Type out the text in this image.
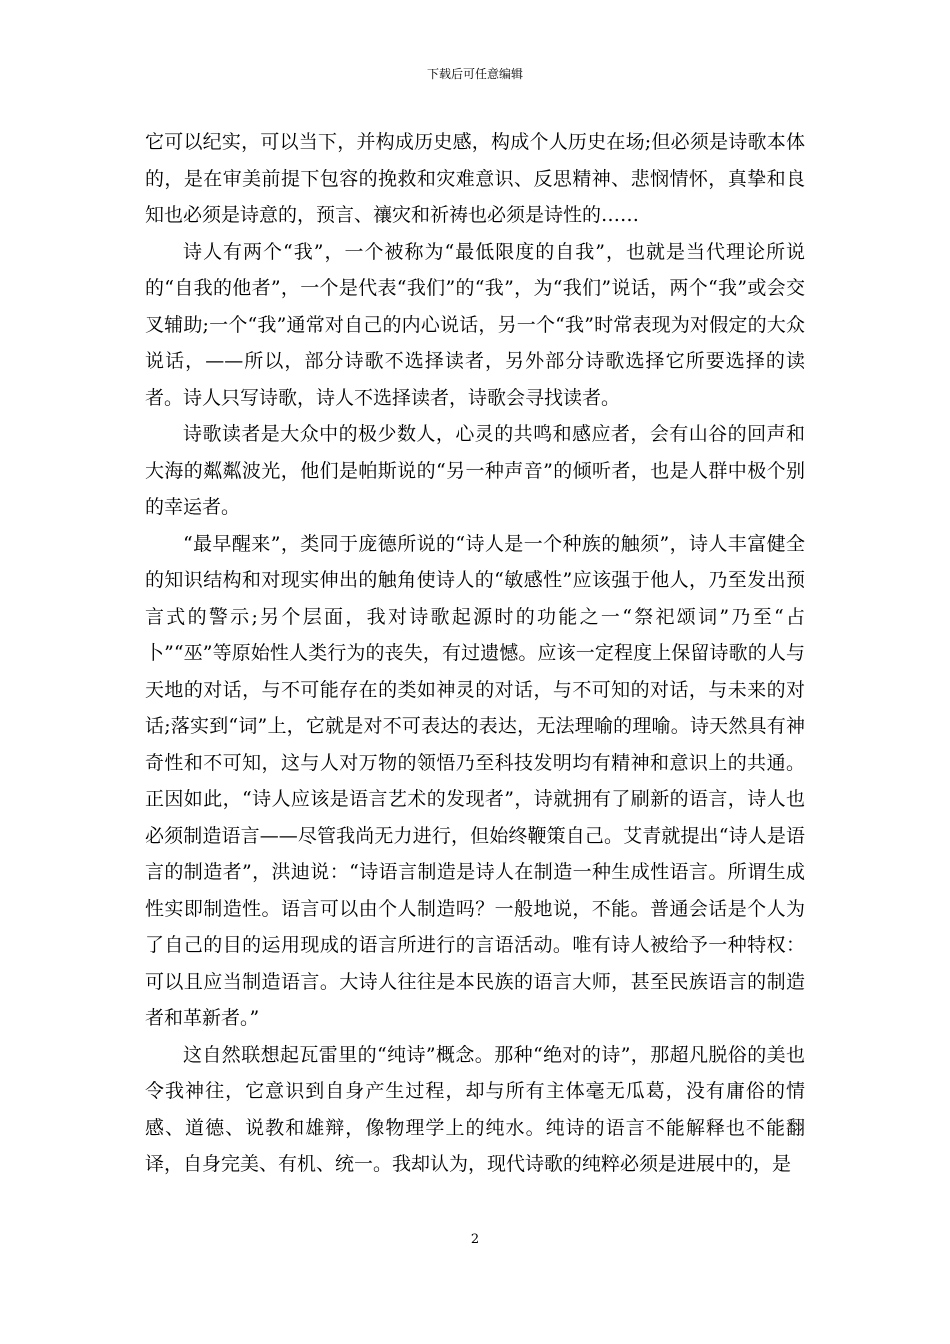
下载后可任意编辑

它可以纪实，可以当下，并构成历史感，构成个人历史在场;但必须是诗歌本体的，是在审美前提下包容的挽救和灾难意识、反思精神、悲悯情怀，真挚和良知也必须是诗意的，预言、禳灾和祈祷也必须是诗性的……

诗人有两个“我”，一个被称为“最低限度的自我”，也就是当代理论所说的“自我的他者”，一个是代表“我们”的“我”，为“我们”说话，两个“我”或会交叉辅助;一个“我”通常对自己的内心说话，另一个“我”时常表现为对假定的大众说话，——所以，部分诗歌不选择读者，另外部分诗歌选择它所要选择的读者。诗人只写诗歌，诗人不选择读者，诗歌会寻找读者。

诗歌读者是大众中的极少数人，心灵的共鸣和感应者，会有山谷的回声和大海的粼粼波光，他们是帕斯说的“另一种声音”的倾听者，也是人群中极个别的幸运者。

“最早醒来”，类同于庞德所说的“诗人是一个种族的触须”，诗人丰富健全的知识结构和对现实伸出的触角使诗人的“敏感性”应该强于他人，乃至发出预言式的警示;另个层面，我对诗歌起源时的功能之一“祭祀颂词”乃至“占卜”“巫”等原始性人类行为的丧失，有过遗憾。应该一定程度上保留诗歌的人与天地的对话，与不可能存在的类如神灵的对话，与不可知的对话，与未来的对话;落实到“词”上，它就是对不可表达的表达，无法理喻的理喻。诗天然具有神奇性和不可知，这与人对万物的领悟乃至科技发明均有精神和意识上的共通。正因如此，“诗人应该是语言艺术的发现者”，诗就拥有了刷新的语言，诗人也必须制造语言——尽管我尚无力进行，但始终鞭策自己。艾青就提出“诗人是语言的制造者”，洪迪说：“诗语言制造是诗人在制造一种生成性语言。所谓生成性实即制造性。语言可以由个人制造吗？一般地说，不能。普通会话是个人为了自己的目的运用现成的语言所进行的言语活动。唯有诗人被给予一种特权：可以且应当制造语言。大诗人往往是本民族的语言大师，甚至民族语言的制造者和革新者。”

这自然联想起瓦雷里的“纯诗”概念。那种“绝对的诗”，那超凡脱俗的美也令我神往，它意识到自身产生过程，却与所有主体毫无瓜葛，没有庸俗的情感、道德、说教和雄辩，像物理学上的纯水。纯诗的语言不能解释也不能翻译，自身完美、有机、统一。我却认为，现代诗歌的纯粹必须是进展中的，是

2
